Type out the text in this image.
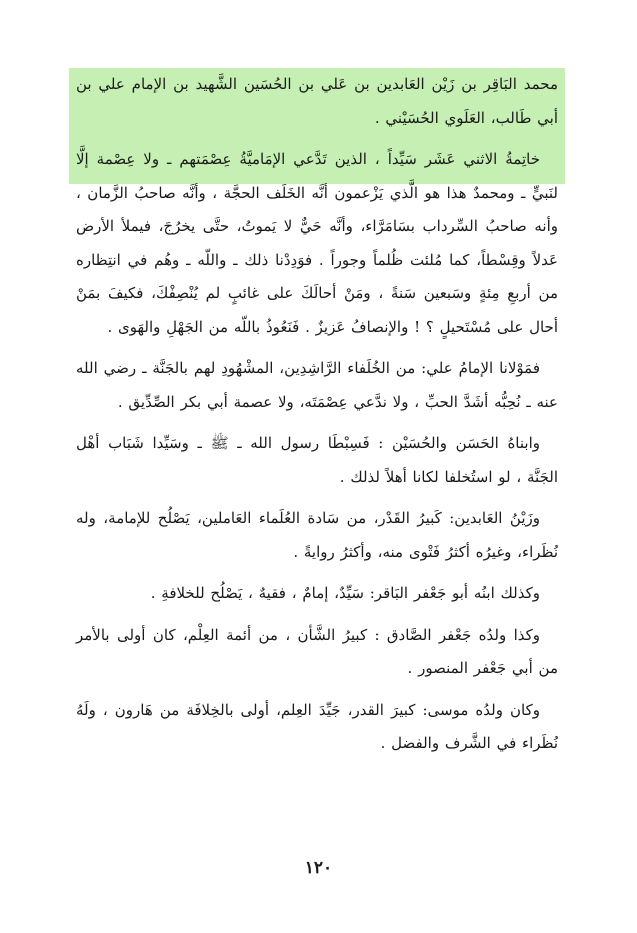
محمد البَاقِر بن زَيْن العَابدين بن عَلي بن الحُسَين الشَّهيد بن الإمام علي بن أبي طَالب، العَلَوي الحُسَيْني .

خاتِمةُ الاثني عَشَر سَيِّداً ، الذين تَدَّعي الإمَاميَّةُ عِصْمَتهم ـ ولا عِصْمة إلَّا لنَبيٍّ ـ ومحمدٌ هذا هو الَّذي يَزْعمون أنَّه الخَلَف الحجَّة ، وأنَّه صاحبُ الزَّمان ، وأنه صاحبُ السِّرداب بسَامَرَّاء، وأنَّه حَيٌّ لا يَموتُ، حتَّى يخرُجَ، فيملأ الأرض عَدلاً وقِسْطاً، كما مُلئت ظُلماً وجوراً . فوَدِدْنا ذلك ـ واللّه ـ وهُم في انتِظاره من أربعِ مِئةٍ وسَبعين سَنةً ، ومَنْ أحالَكَ على غائبٍ لم يُنْصِفْكَ، فكيفَ بمَنْ أحال على مُسْتَحيلٍ ؟ ! والإنصافُ عَزيزٌ . فَنَعُوذُ باللّه من الجَهْلِ والهَوى .

فمَوْلانا الإمامُ علي: من الخُلَفاء الرَّاشِدِين، المشْهُودِ لهم بالجَنَّة ـ رضي الله عنه ـ نُحِبُّه أشَدَّ الحبِّ ، ولا ندَّعي عِصْمَتَه، ولا عصمة أبي بكر الصِّدِّيق .

وابناهُ الحَسَن والحُسَيْن : فَسِبْطَا رسول الله ـ ﷺ ـ وسَيِّدا شَبَاب أهْل الجَنَّة ، لو استُخلفا لكانا أهلاً لذلك .

وزَيْنُ العَابدين: كَبيرُ القَدْر، من سَادة العُلَماء العَاملين، يَصْلُح للإمامة، وله نُظَراء، وغيرُه أكثرُ فَتْوى منه، وأكثرُ روايةً .

وكذلك ابنُه أبو جَعْفر البَاقر: سَيِّدٌ، إمامٌ ، فقيهٌ ، يَصْلُح للخلافةِ .

وكذا ولدُه جَعْفر الصَّادق : كبيرُ الشَّأن ، من أئمة العِلْم، كان أولى بالأمر من أبي جَعْفر المنصور .

وكان ولدُه موسى: كبيرَ القدر، جَيِّدَ العِلم، أولى بالخِلافَة من هَارون ، ولَهُ نُظَراء في الشَّرف والفضل .

١٢٠
